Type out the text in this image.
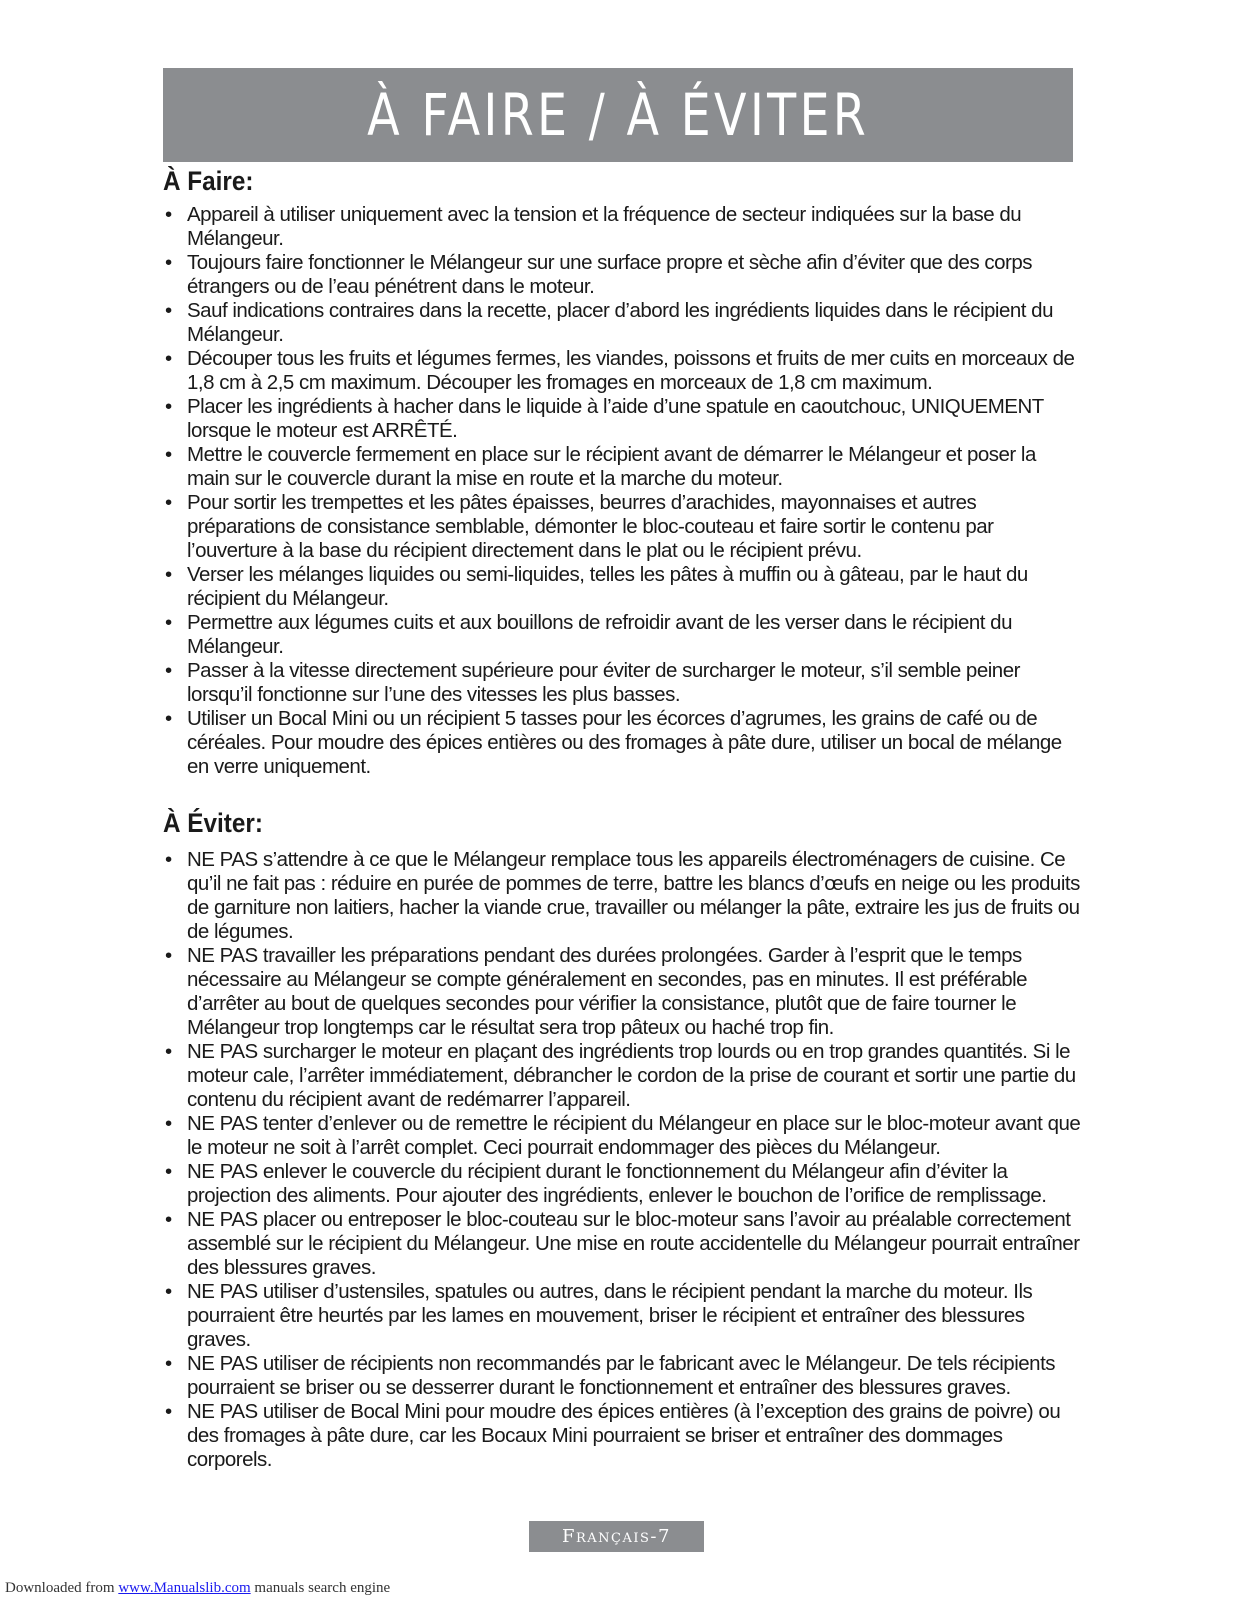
À FAIRE / À ÉVITER
À Faire:
• Appareil à utiliser uniquement avec la tension et la fréquence de secteur indiquées sur la base du Mélangeur.
• Toujours faire fonctionner le Mélangeur sur une surface propre et sèche afin d’éviter que des corps étrangers ou de l’eau pénétrent dans le moteur.
• Sauf indications contraires dans la recette, placer d’abord les ingrédients liquides dans le récipient du Mélangeur.
• Découper tous les fruits et légumes fermes, les viandes, poissons et fruits de mer cuits en morceaux de 1,8 cm à 2,5 cm maximum. Découper les fromages en morceaux de 1,8 cm maximum.
• Placer les ingrédients à hacher dans le liquide à l’aide d’une spatule en caoutchouc, UNIQUEMENT lorsque le moteur est ARRÊTÉ.
• Mettre le couvercle fermement en place sur le récipient avant de démarrer le Mélangeur et poser la main sur le couvercle durant la mise en route et la marche du moteur.
• Pour sortir les trempettes et les pâtes épaisses, beurres d’arachides, mayonnaises et autres préparations de consistance semblable, démonter le bloc-couteau et faire sortir le contenu par l’ouverture à la base du récipient directement dans le plat ou le récipient prévu.
• Verser les mélanges liquides ou semi-liquides, telles les pâtes à muffin ou à gâteau, par le haut du récipient du Mélangeur.
• Permettre aux légumes cuits et aux bouillons de refroidir avant de les verser dans le récipient du Mélangeur.
• Passer à la vitesse directement supérieure pour éviter de surcharger le moteur, s’il semble peiner lorsqu’il fonctionne sur l’une des vitesses les plus basses.
• Utiliser un Bocal Mini ou un récipient 5 tasses pour les écorces d’agrumes, les grains de café ou de céréales. Pour moudre des épices entières ou des fromages à pâte dure, utiliser un bocal de mélange en verre uniquement.
À Éviter:
• NE PAS s’attendre à ce que le Mélangeur remplace tous les appareils électroménagers de cuisine. Ce qu’il ne fait pas : réduire en purée de pommes de terre, battre les blancs d’œufs en neige ou les produits de garniture non laitiers, hacher la viande crue, travailler ou mélanger la pâte, extraire les jus de fruits ou de légumes.
• NE PAS travailler les préparations pendant des durées prolongées. Garder à l’esprit que le temps nécessaire au Mélangeur se compte généralement en secondes, pas en minutes. Il est préférable d’arrêter au bout de quelques secondes pour vérifier la consistance, plutôt que de faire tourner le Mélangeur trop longtemps car le résultat sera trop pâteux ou haché trop fin.
• NE PAS surcharger le moteur en plaçant des ingrédients trop lourds ou en trop grandes quantités. Si le moteur cale, l’arrêter immédiatement, débrancher le cordon de la prise de courant et sortir une partie du contenu du récipient avant de redémarrer l’appareil.
• NE PAS tenter d’enlever ou de remettre le récipient du Mélangeur en place sur le bloc-moteur avant que le moteur ne soit à l’arrêt complet. Ceci pourrait endommager des pièces du Mélangeur.
• NE PAS enlever le couvercle du récipient durant le fonctionnement du Mélangeur afin d’éviter la projection des aliments. Pour ajouter des ingrédients, enlever le bouchon de l’orifice de remplissage.
• NE PAS placer ou entreposer le bloc-couteau sur le bloc-moteur sans l’avoir au préalable correctement assemblé sur le récipient du Mélangeur. Une mise en route accidentelle du Mélangeur pourrait entraîner des blessures graves.
• NE PAS utiliser d’ustensiles, spatules ou autres, dans le récipient pendant la marche du moteur. Ils pourraient être heurtés par les lames en mouvement, briser le récipient et entraîner des blessures graves.
• NE PAS utiliser de récipients non recommandés par le fabricant avec le Mélangeur. De tels récipients pourraient se briser ou se desserrer durant le fonctionnement et entraîner des blessures graves.
• NE PAS utiliser de Bocal Mini pour moudre des épices entières (à l’exception des grains de poivre) ou des fromages à pâte dure, car les Bocaux Mini pourraient se briser et entraîner des dommages corporels.
Français-7
Downloaded from www.Manualslib.com manuals search engine
